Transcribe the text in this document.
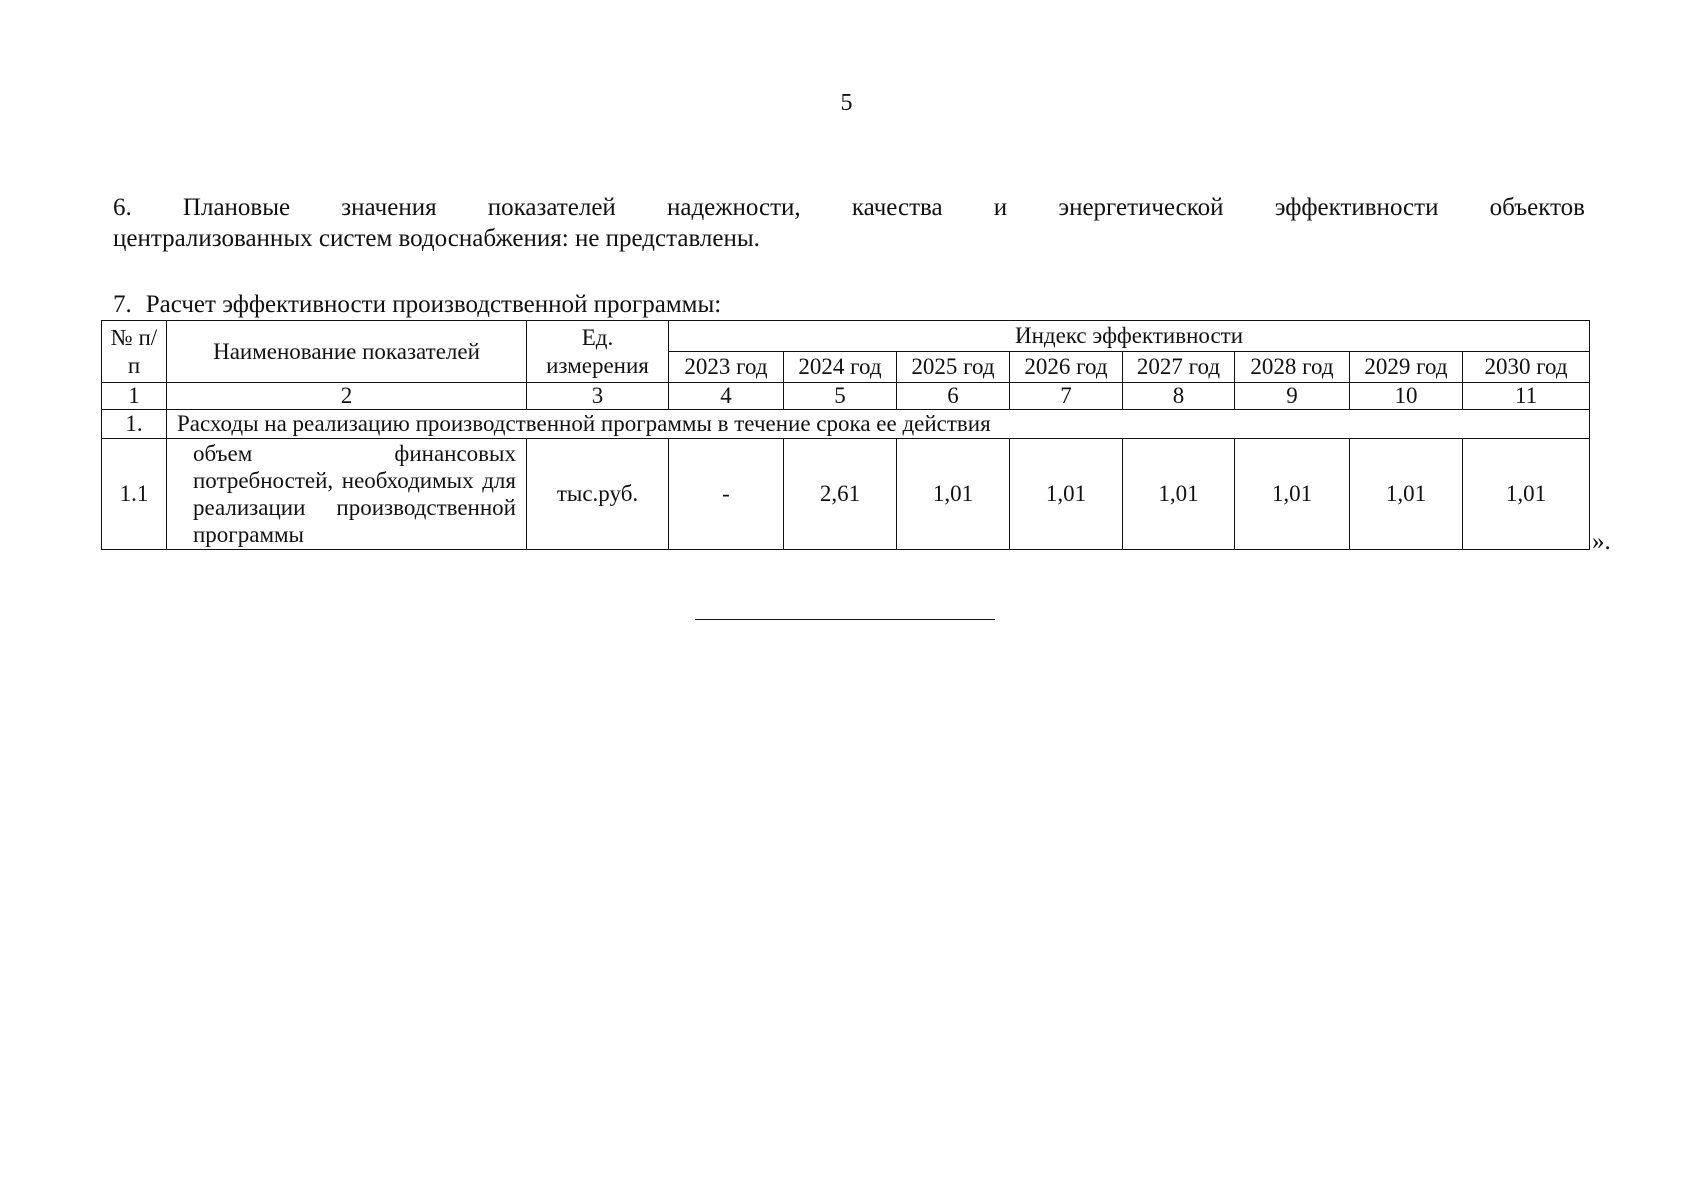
5
6. Плановые значения показателей надежности, качества и энергетической эффективности объектов
централизованных систем водоснабжения: не представлены.
7. Расчет эффективности производственной программы:
№ п/п	Наименование показателей	Ед. измерения	Индекс эффективности							
			2023 год	2024 год	2025 год	2026 год	2027 год	2028 год	2029 год	2030 год
1	2	3	4	5	6	7	8	9	10	11
1.	Расходы на реализацию производственной программы в течение срока ее действия									
1.1	объем финансовых потребностей, необходимых для реализации производственной программы	тыс.руб.	-	2,61	1,01	1,01	1,01	1,01	1,01	1,01
».
